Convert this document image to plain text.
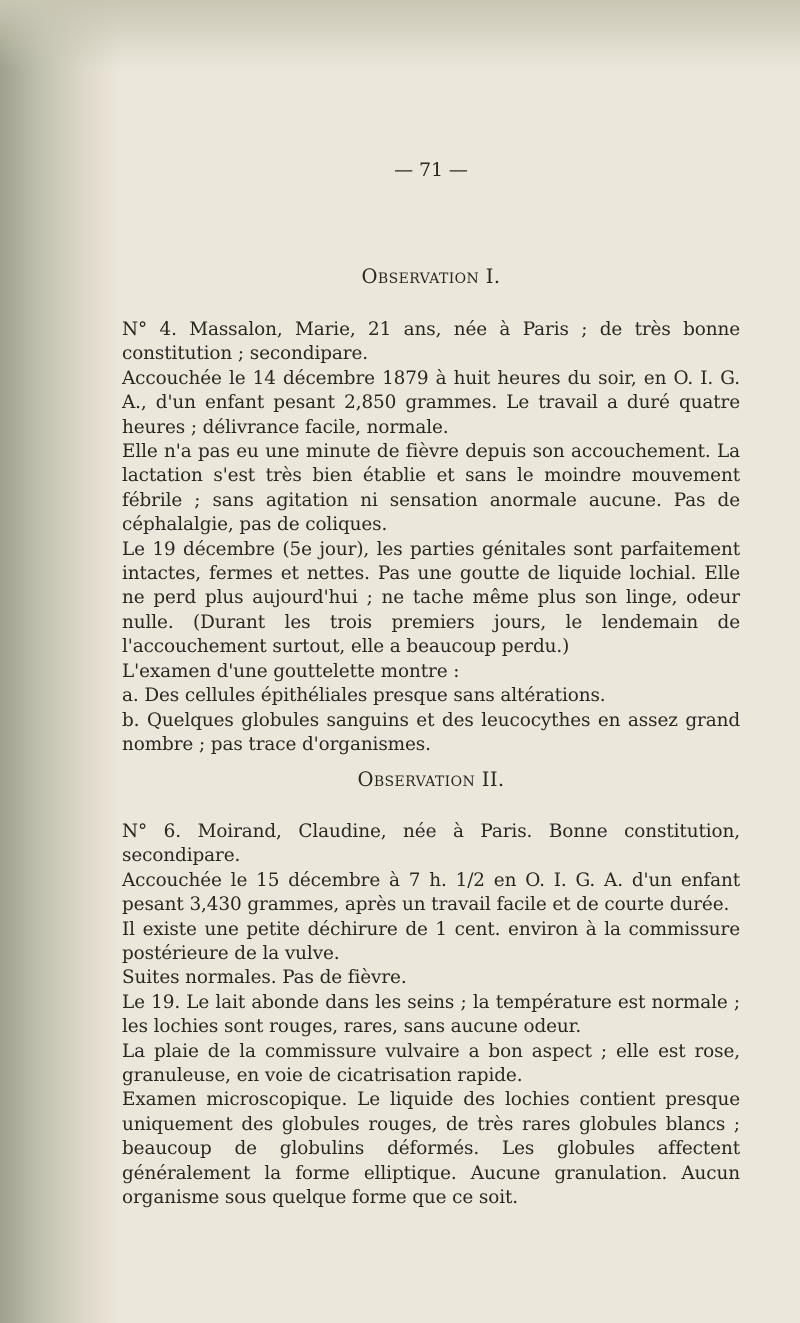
— 71 —
Observation I.

N° 4. Massalon, Marie, 21 ans, née à Paris ; de très bonne constitution ; secondipare.

Accouchée le 14 décembre 1879 à huit heures du soir, en O. I. G. A., d'un enfant pesant 2,850 grammes. Le travail a duré quatre heures ; délivrance facile, normale.

Elle n'a pas eu une minute de fièvre depuis son accouchement. La lactation s'est très bien établie et sans le moindre mouvement fébrile ; sans agitation ni sensation anormale aucune. Pas de céphalalgie, pas de coliques.

Le 19 décembre (5e jour), les parties génitales sont parfaitement intactes, fermes et nettes. Pas une goutte de liquide lochial. Elle ne perd plus aujourd'hui ; ne tache même plus son linge, odeur nulle. (Durant les trois premiers jours, le lendemain de l'accouchement surtout, elle a beaucoup perdu.)

L'examen d'une gouttelette montre :

a. Des cellules épithéliales presque sans altérations.

b. Quelques globules sanguins et des leucocythes en assez grand nombre ; pas trace d'organismes.

Observation II.

N° 6. Moirand, Claudine, née à Paris. Bonne constitution, secondipare.

Accouchée le 15 décembre à 7 h. 1/2 en O. I. G. A. d'un enfant pesant 3,430 grammes, après un travail facile et de courte durée.

Il existe une petite déchirure de 1 cent. environ à la commissure postérieure de la vulve.

Suites normales. Pas de fièvre.

Le 19. Le lait abonde dans les seins ; la température est normale ; les lochies sont rouges, rares, sans aucune odeur.

La plaie de la commissure vulvaire a bon aspect ; elle est rose, granuleuse, en voie de cicatrisation rapide.

Examen microscopique. Le liquide des lochies contient presque uniquement des globules rouges, de très rares globules blancs ; beaucoup de globulins déformés. Les globules affectent généralement la forme elliptique. Aucune granulation. Aucun organisme sous quelque forme que ce soit.
